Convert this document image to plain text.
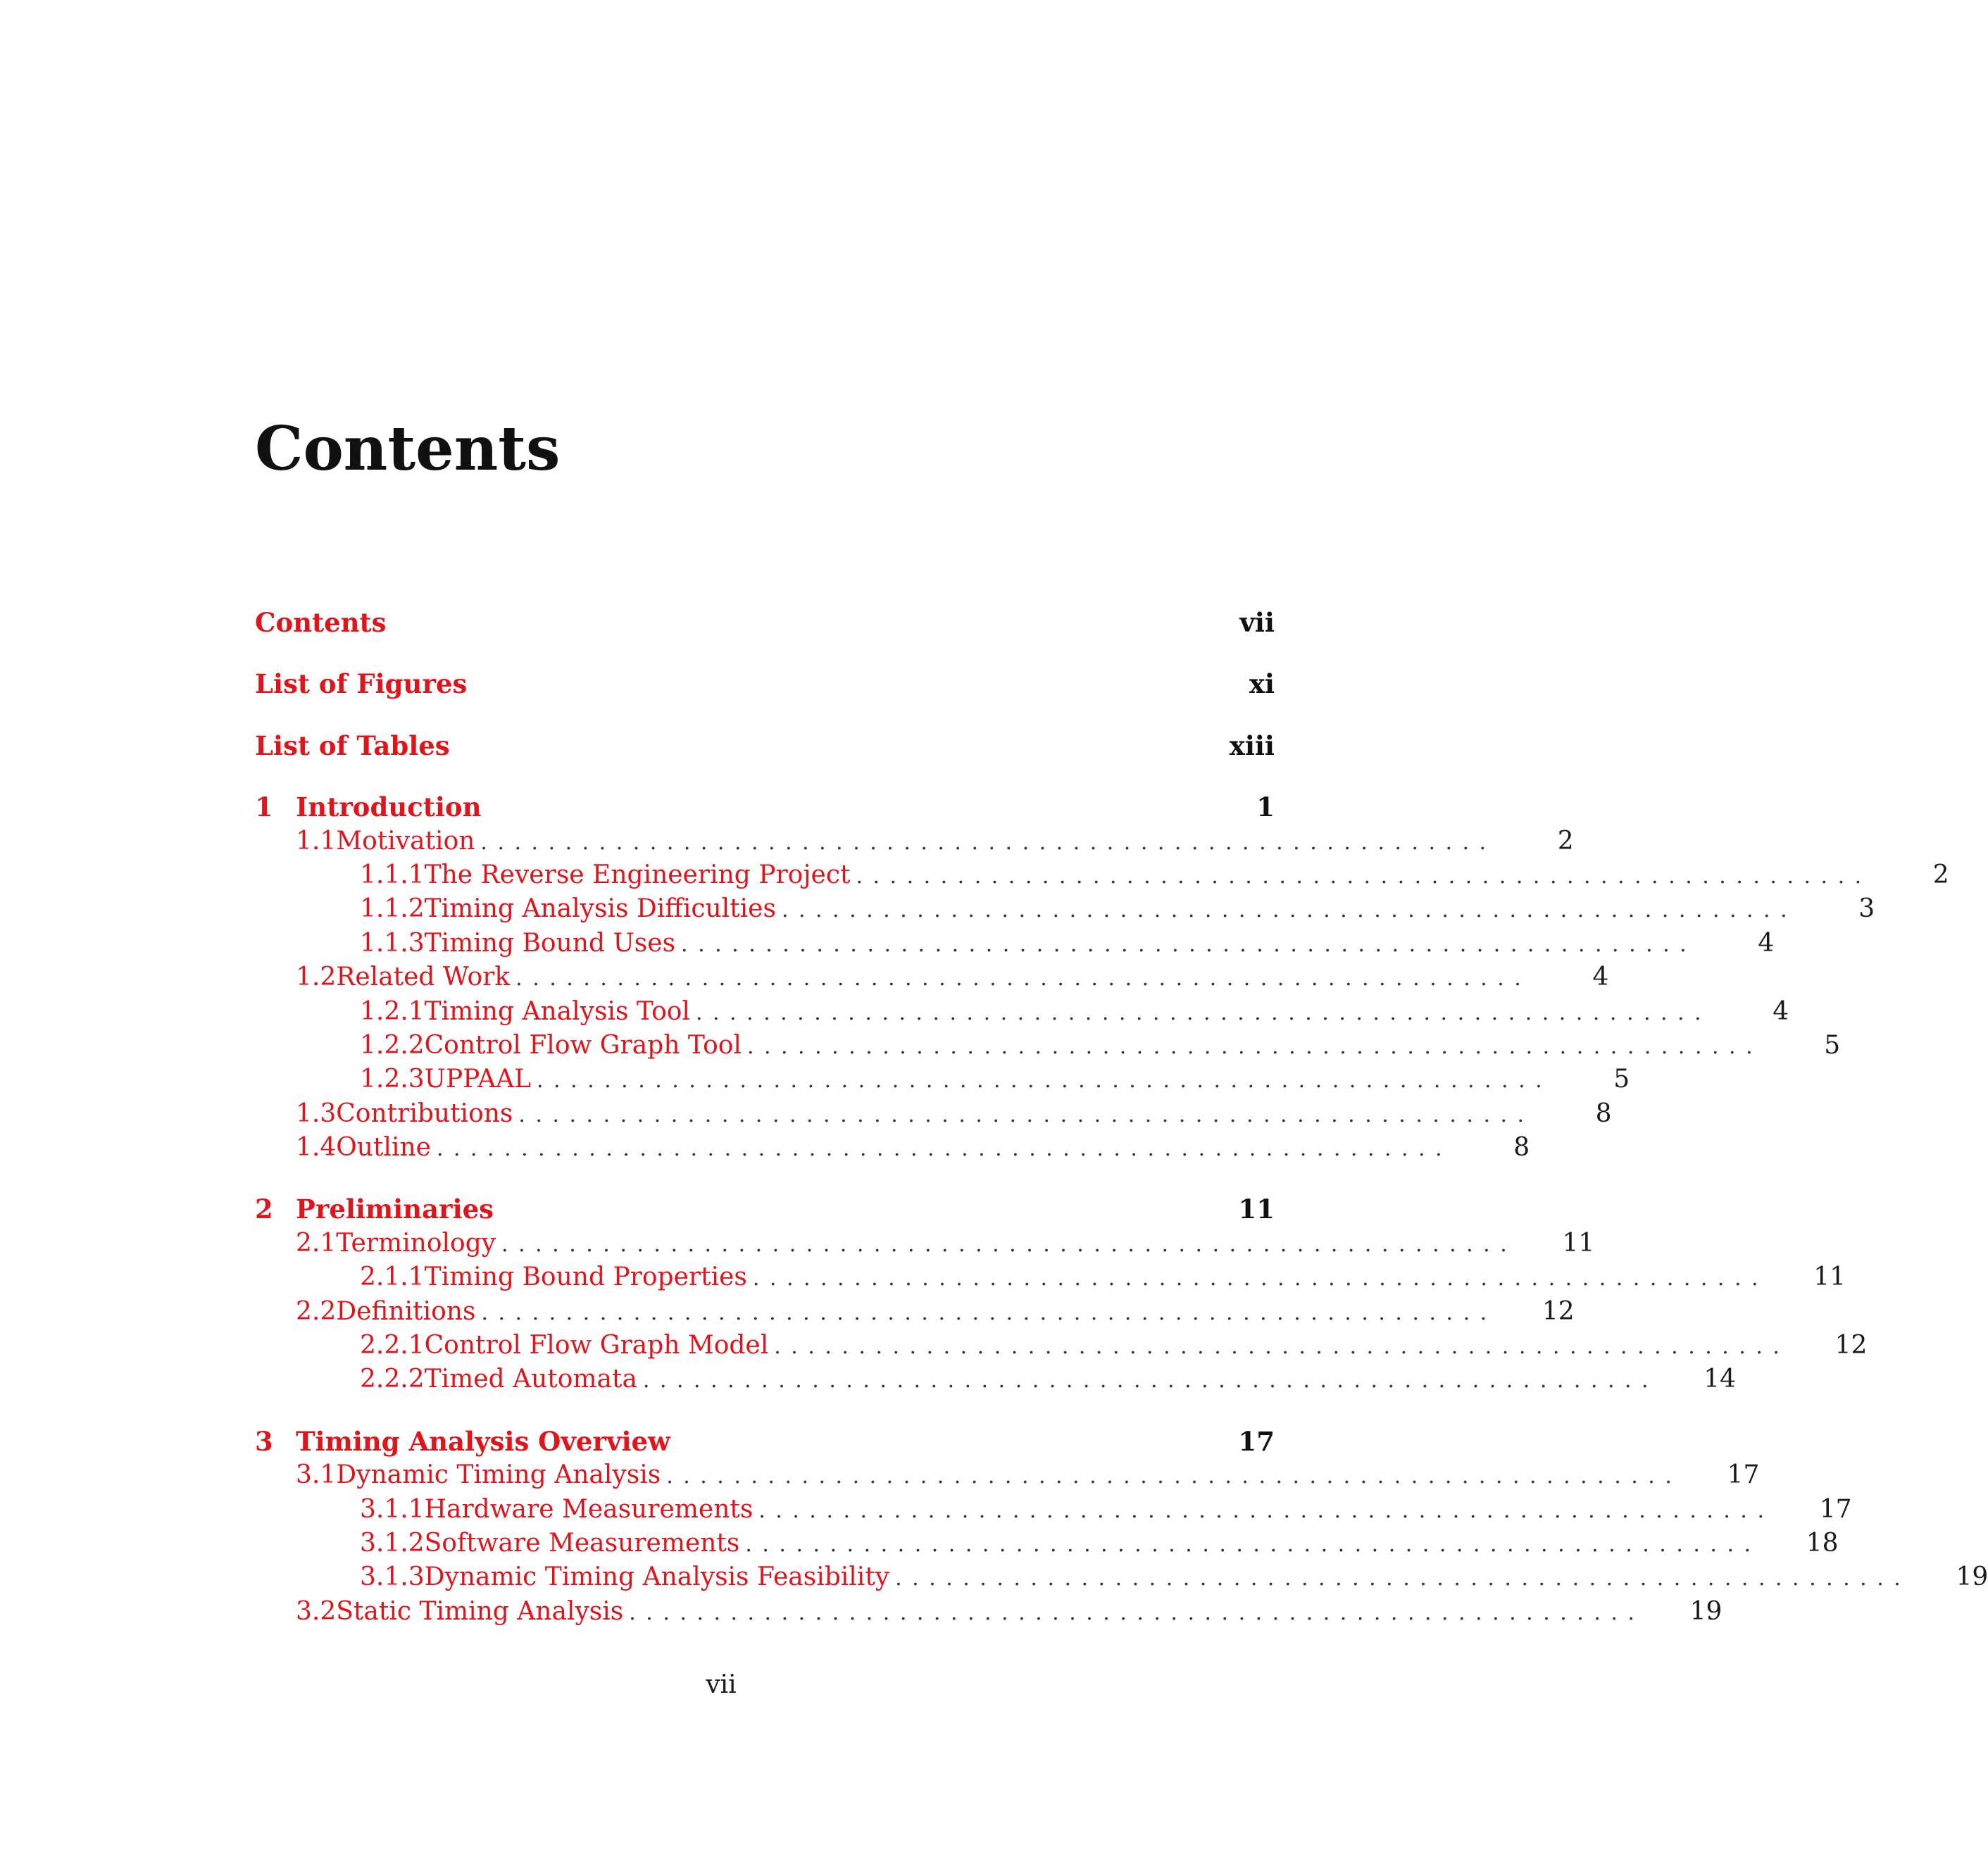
Contents
Contents	vii
List of Figures	xi
List of Tables	xiii
1 Introduction	1
1.1 Motivation ............................................................	2
1.1.1 The Reverse Engineering Project ............................................................	2
1.1.2 Timing Analysis Difficulties ............................................................	3
1.1.3 Timing Bound Uses ............................................................	4
1.2 Related Work ............................................................	4
1.2.1 Timing Analysis Tool ............................................................	4
1.2.2 Control Flow Graph Tool ............................................................	5
1.2.3 UPPAAL ............................................................	5
1.3 Contributions ............................................................	8
1.4 Outline ............................................................	8
2 Preliminaries	11
2.1 Terminology ............................................................	11
2.1.1 Timing Bound Properties ............................................................	11
2.2 Definitions ............................................................	12
2.2.1 Control Flow Graph Model ............................................................	12
2.2.2 Timed Automata ............................................................	14
3 Timing Analysis Overview	17
3.1 Dynamic Timing Analysis ............................................................	17
3.1.1 Hardware Measurements ............................................................	17
3.1.2 Software Measurements ............................................................	18
3.1.3 Dynamic Timing Analysis Feasibility ............................................................	19
3.2 Static Timing Analysis ............................................................	19
vii
